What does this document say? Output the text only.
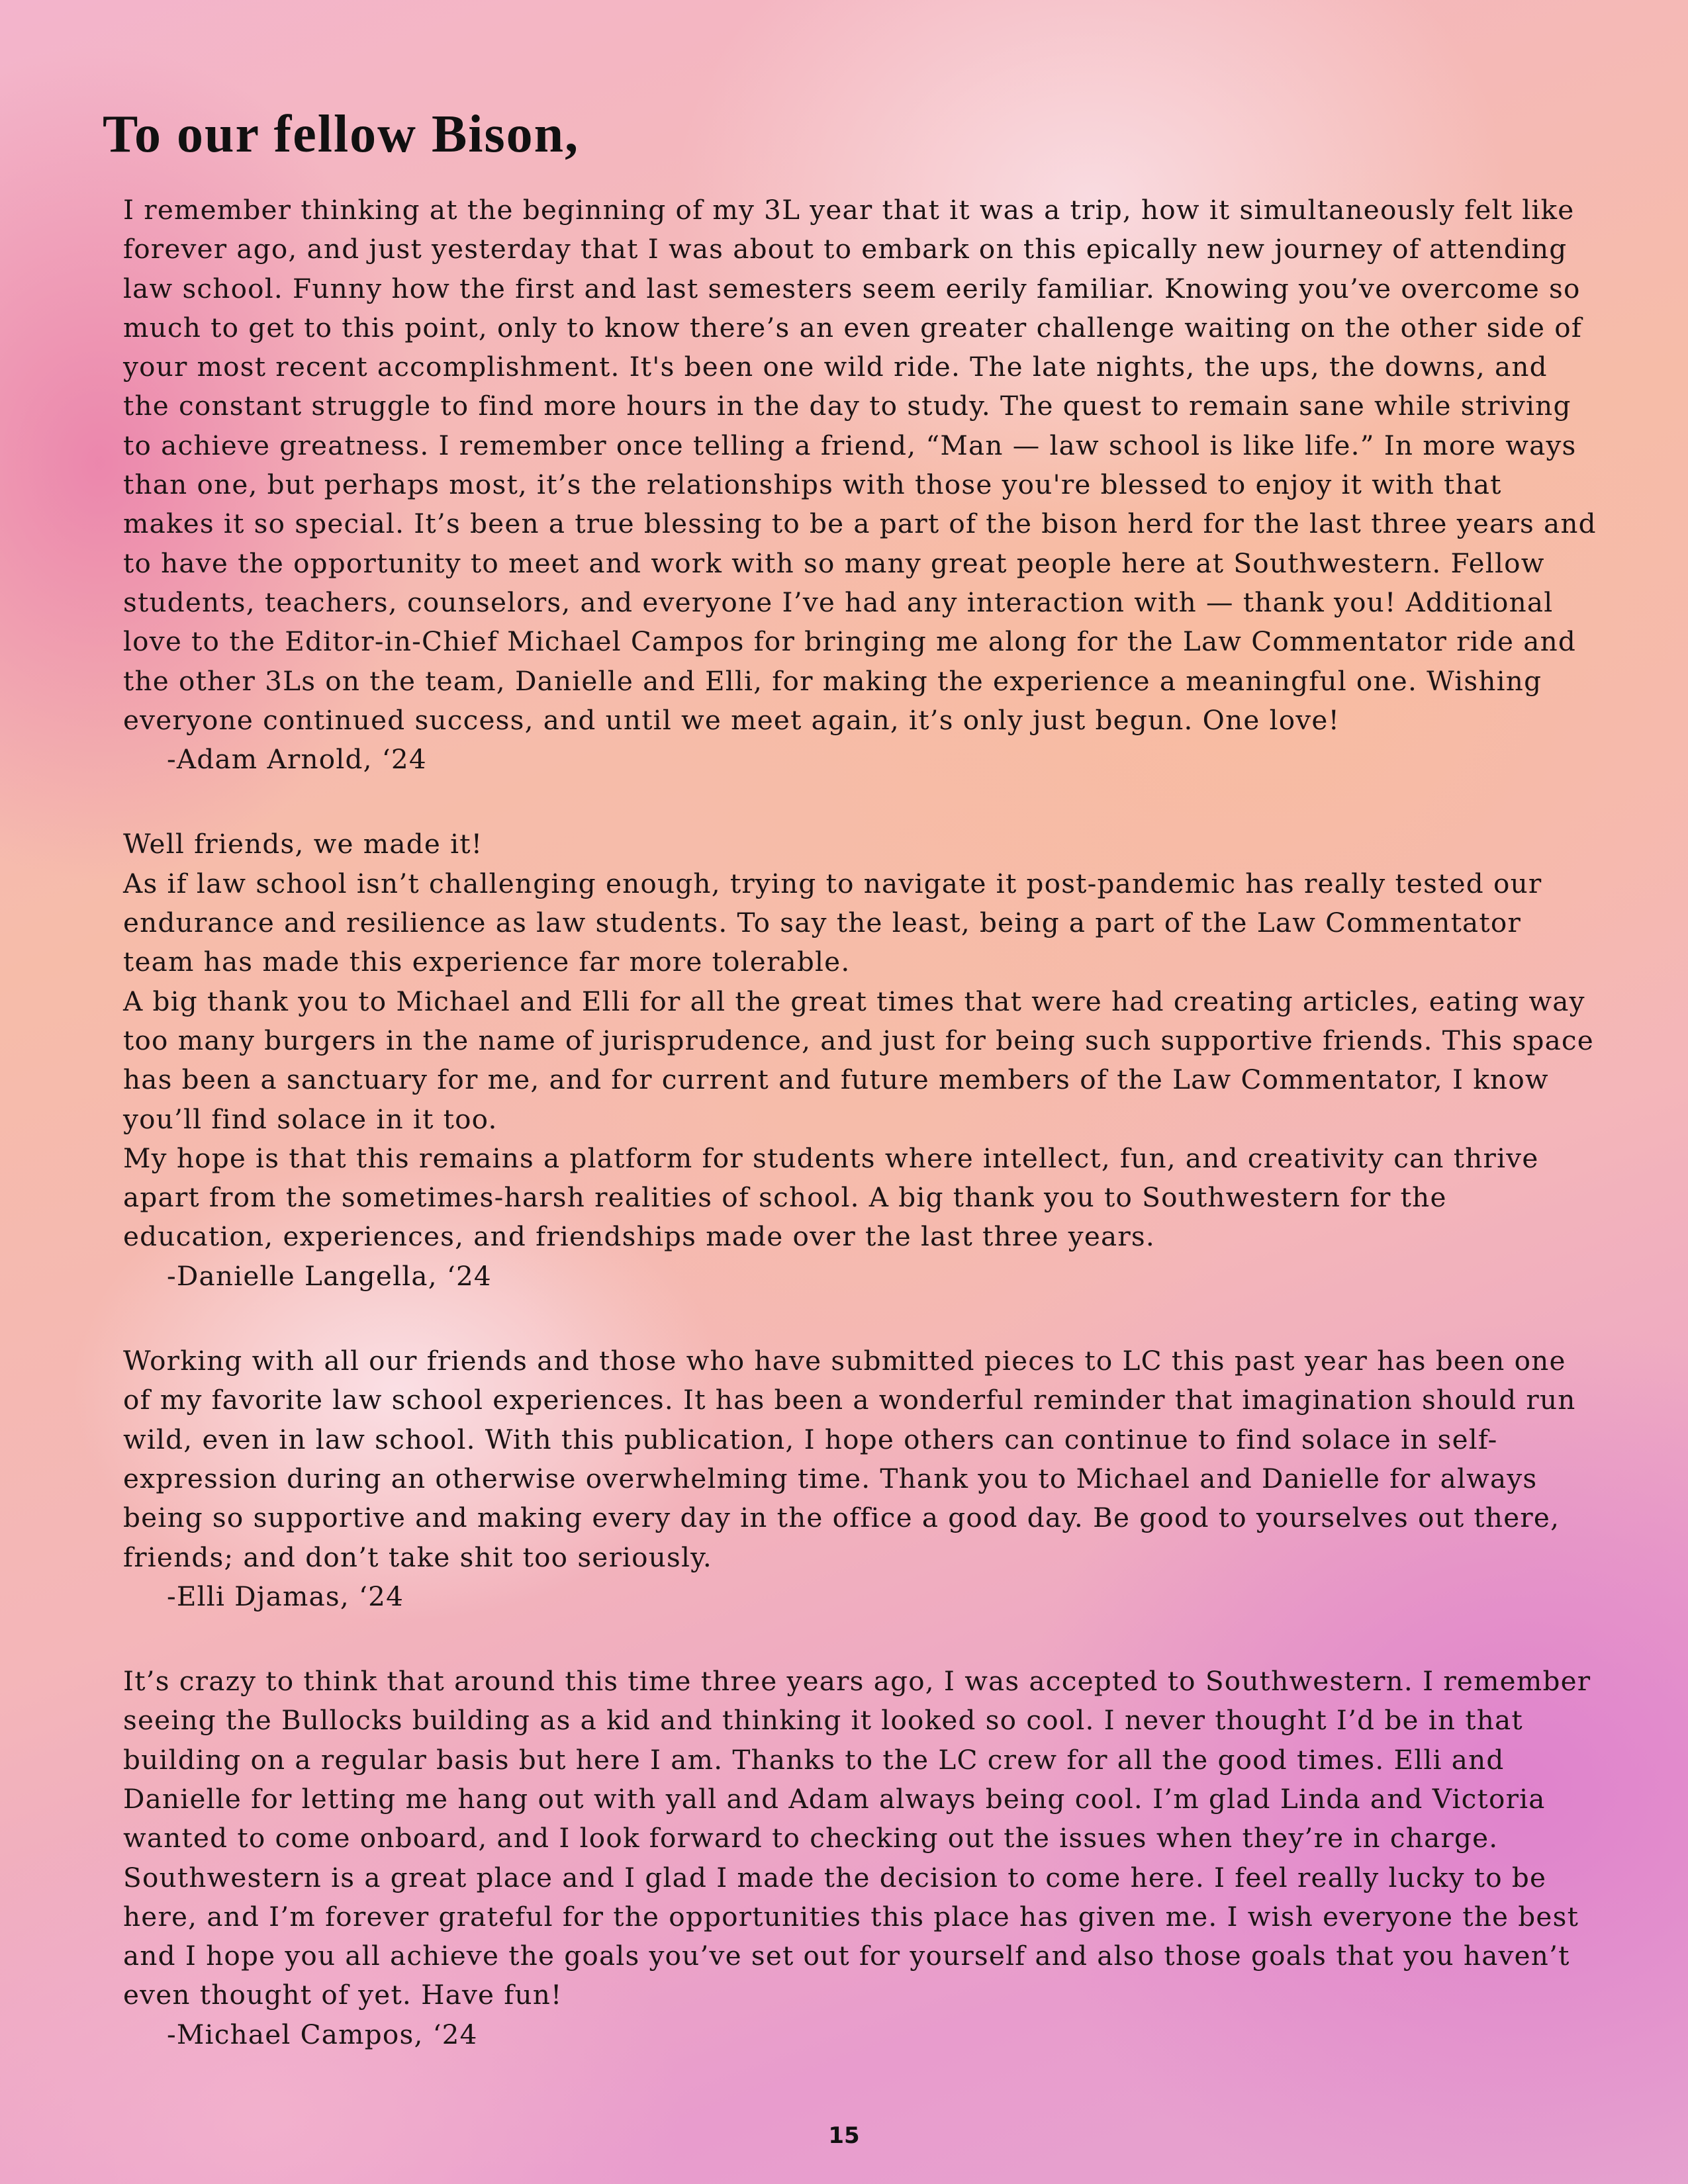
To our fellow Bison,

I remember thinking at the beginning of my 3L year that it was a trip, how it simultaneously felt like forever ago, and just yesterday that I was about to embark on this epically new journey of attending law school. Funny how the first and last semesters seem eerily familiar. Knowing you’ve overcome so much to get to this point, only to know there’s an even greater challenge waiting on the other side of your most recent accomplishment. It's been one wild ride. The late nights, the ups, the downs, and the constant struggle to find more hours in the day to study. The quest to remain sane while striving to achieve greatness. I remember once telling a friend, “Man — law school is like life.” In more ways than one, but perhaps most, it’s the relationships with those you're blessed to enjoy it with that makes it so special. It’s been a true blessing to be a part of the bison herd for the last three years and to have the opportunity to meet and work with so many great people here at Southwestern. Fellow students, teachers, counselors, and everyone I’ve had any interaction with — thank you! Additional love to the Editor-in-Chief Michael Campos for bringing me along for the Law Commentator ride and the other 3Ls on the team, Danielle and Elli, for making the experience a meaningful one. Wishing everyone continued success, and until we meet again, it’s only just begun. One love!

-Adam Arnold, ‘24

Well friends, we made it!

As if law school isn’t challenging enough, trying to navigate it post-pandemic has really tested our endurance and resilience as law students. To say the least, being a part of the Law Commentator team has made this experience far more tolerable.

A big thank you to Michael and Elli for all the great times that were had creating articles, eating way too many burgers in the name of jurisprudence, and just for being such supportive friends. This space has been a sanctuary for me, and for current and future members of the Law Commentator, I know you’ll find solace in it too.

My hope is that this remains a platform for students where intellect, fun, and creativity can thrive apart from the sometimes-harsh realities of school. A big thank you to Southwestern for the education, experiences, and friendships made over the last three years.

-Danielle Langella, ‘24

Working with all our friends and those who have submitted pieces to LC this past year has been one of my favorite law school experiences. It has been a wonderful reminder that imagination should run wild, even in law school. With this publication, I hope others can continue to find solace in self-expression during an otherwise overwhelming time. Thank you to Michael and Danielle for always being so supportive and making every day in the office a good day. Be good to yourselves out there, friends; and don’t take shit too seriously.

-Elli Djamas, ‘24

It’s crazy to think that around this time three years ago, I was accepted to Southwestern. I remember seeing the Bullocks building as a kid and thinking it looked so cool. I never thought I’d be in that building on a regular basis but here I am. Thanks to the LC crew for all the good times. Elli and Danielle for letting me hang out with yall and Adam always being cool. I’m glad Linda and Victoria wanted to come onboard, and I look forward to checking out the issues when they’re in charge. Southwestern is a great place and I glad I made the decision to come here. I feel really lucky to be here, and I’m forever grateful for the opportunities this place has given me. I wish everyone the best and I hope you all achieve the goals you’ve set out for yourself and also those goals that you haven’t even thought of yet. Have fun!

-Michael Campos, ‘24

15
